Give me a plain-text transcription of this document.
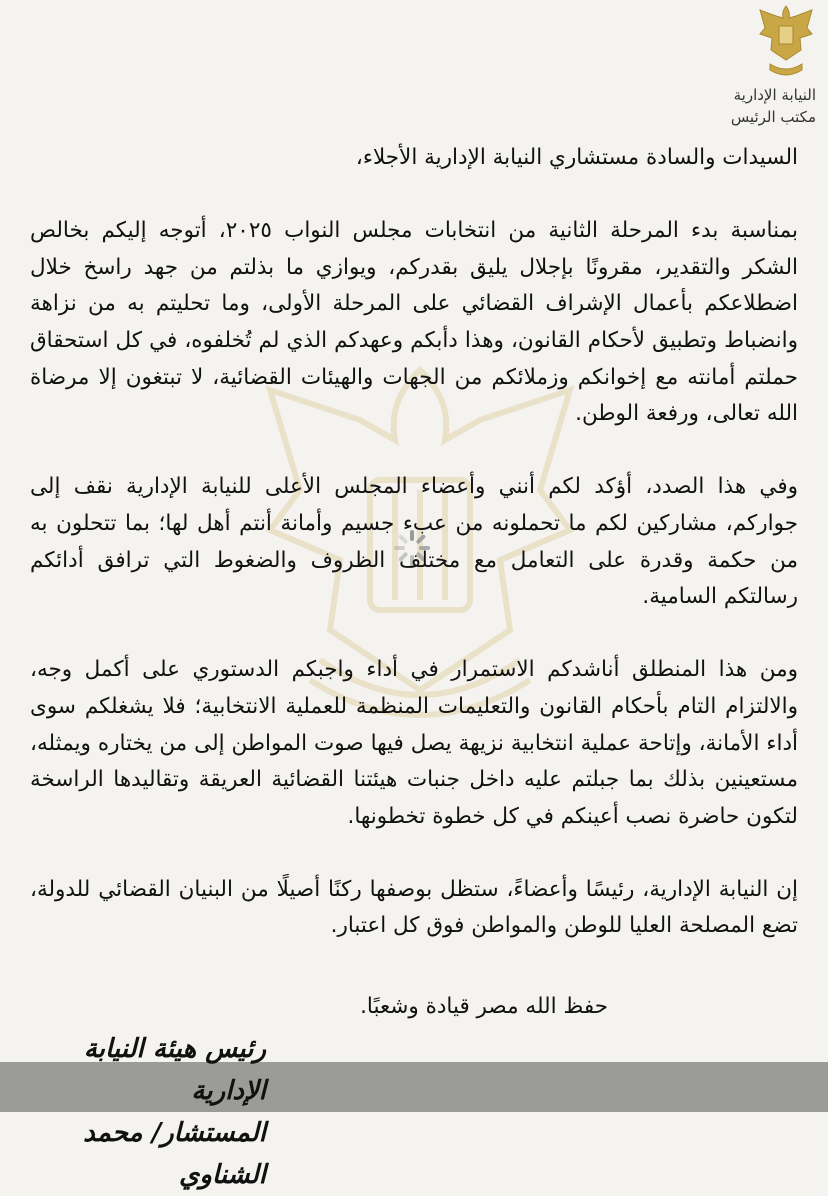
النيابة الإدارية
مكتب الرئيس

السيدات والسادة مستشاري النيابة الإدارية الأجلاء،

بمناسبة بدء المرحلة الثانية من انتخابات مجلس النواب ٢٠٢٥، أتوجه إليكم بخالص الشكر والتقدير، مقرونًا بإجلال يليق بقدركم، ويوازي ما بذلتم من جهد راسخ خلال اضطلاعكم بأعمال الإشراف القضائي على المرحلة الأولى، وما تحليتم به من نزاهة وانضباط وتطبيق لأحكام القانون، وهذا دأبكم وعهدكم الذي لم تُخلفوه، في كل استحقاق حملتم أمانته مع إخوانكم وزملائكم من الجهات والهيئات القضائية، لا تبتغون إلا مرضاة الله تعالى، ورفعة الوطن.

وفي هذا الصدد، أؤكد لكم أنني وأعضاء المجلس الأعلى للنيابة الإدارية نقف إلى جواركم، مشاركين لكم ما تحملونه من عبء جسيم وأمانة أنتم أهل لها؛ بما تتحلون به من حكمة وقدرة على التعامل مع مختلف الظروف والضغوط التي ترافق أدائكم رسالتكم السامية.

ومن هذا المنطلق أناشدكم الاستمرار في أداء واجبكم الدستوري على أكمل وجه، والالتزام التام بأحكام القانون والتعليمات المنظمة للعملية الانتخابية؛ فلا يشغلكم سوى أداء الأمانة، وإتاحة عملية انتخابية نزيهة يصل فيها صوت المواطن إلى من يختاره ويمثله، مستعينين بذلك بما جبلتم عليه داخل جنبات هيئتنا القضائية العريقة وتقاليدها الراسخة لتكون حاضرة نصب أعينكم في كل خطوة تخطونها.

إن النيابة الإدارية، رئيسًا وأعضاءً، ستظل بوصفها ركنًا أصيلًا من البنيان القضائي للدولة، تضع المصلحة العليا للوطن والمواطن فوق كل اعتبار.

حفظ الله مصر قيادة وشعبًا.
رئيس هيئة النيابة الإدارية
المستشار/ محمد الشناوي
